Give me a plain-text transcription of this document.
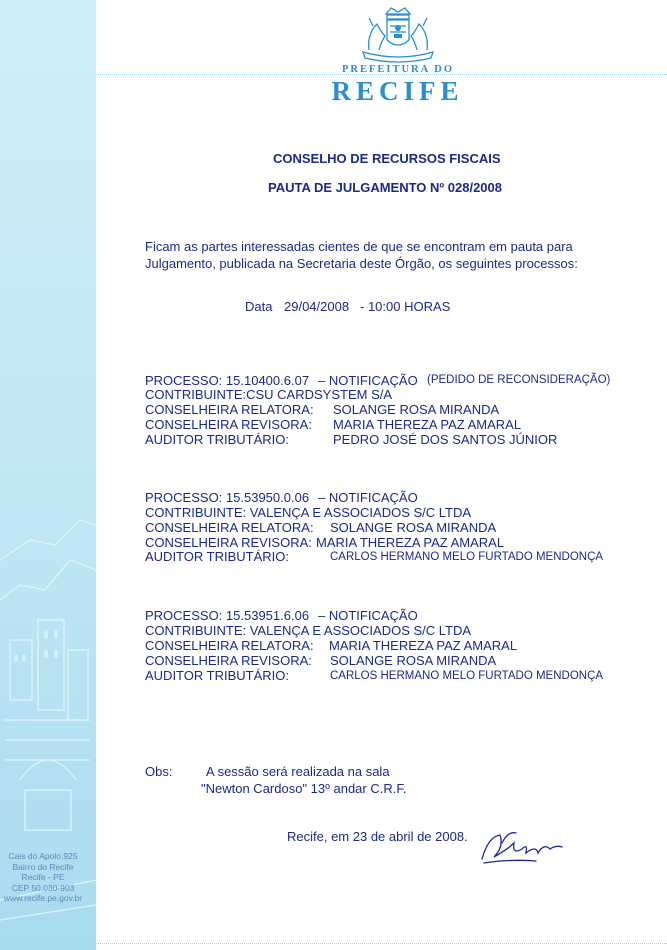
Cais do Apolo,925
Bairro do Recife
Recife - PE
CEP 50.030-903
www.recife.pe.gov.br
PREFEITURA DO
RECIFE
CONSELHO DE RECURSOS FISCAIS
PAUTA DE JULGAMENTO Nº 028/2008
Ficam as partes interessadas cientes de que se encontram em pauta para
Julgamento, publicada na Secretaria deste Órgão, os seguintes processos:
Data 29/04/2008 - 10:00 HORAS
PROCESSO: 15.10400.6.07 – NOTIFICAÇÃO (PEDIDO DE RECONSIDERAÇÃO)
CONTRIBUINTE:CSU CARDSYSTEM S/A
CONSELHEIRA RELATORA: SOLANGE ROSA MIRANDA
CONSELHEIRA REVISORA: MARIA THEREZA PAZ AMARAL
AUDITOR TRIBUTÁRIO:	PEDRO JOSÉ DOS SANTOS JÚNIOR
PROCESSO: 15.53950.0.06 – NOTIFICAÇÃO
CONTRIBUINTE: VALENÇA E ASSOCIADOS S/C LTDA
CONSELHEIRA RELATORA: SOLANGE ROSA MIRANDA
CONSELHEIRA REVISORA: MARIA THEREZA PAZ AMARAL
AUDITOR TRIBUTÁRIO:	CARLOS HERMANO MELO FURTADO MENDONÇA
PROCESSO: 15.53951.6.06 – NOTIFICAÇÃO
CONTRIBUINTE: VALENÇA E ASSOCIADOS S/C LTDA
CONSELHEIRA RELATORA: MARIA THEREZA PAZ AMARAL
CONSELHEIRA REVISORA: SOLANGE ROSA MIRANDA
AUDITOR TRIBUTÁRIO:	CARLOS HERMANO MELO FURTADO MENDONÇA
Obs:	A sessão será realizada na sala
"Newton Cardoso" 13º andar C.R.F.
Recife, em 23 de abril de 2008.
